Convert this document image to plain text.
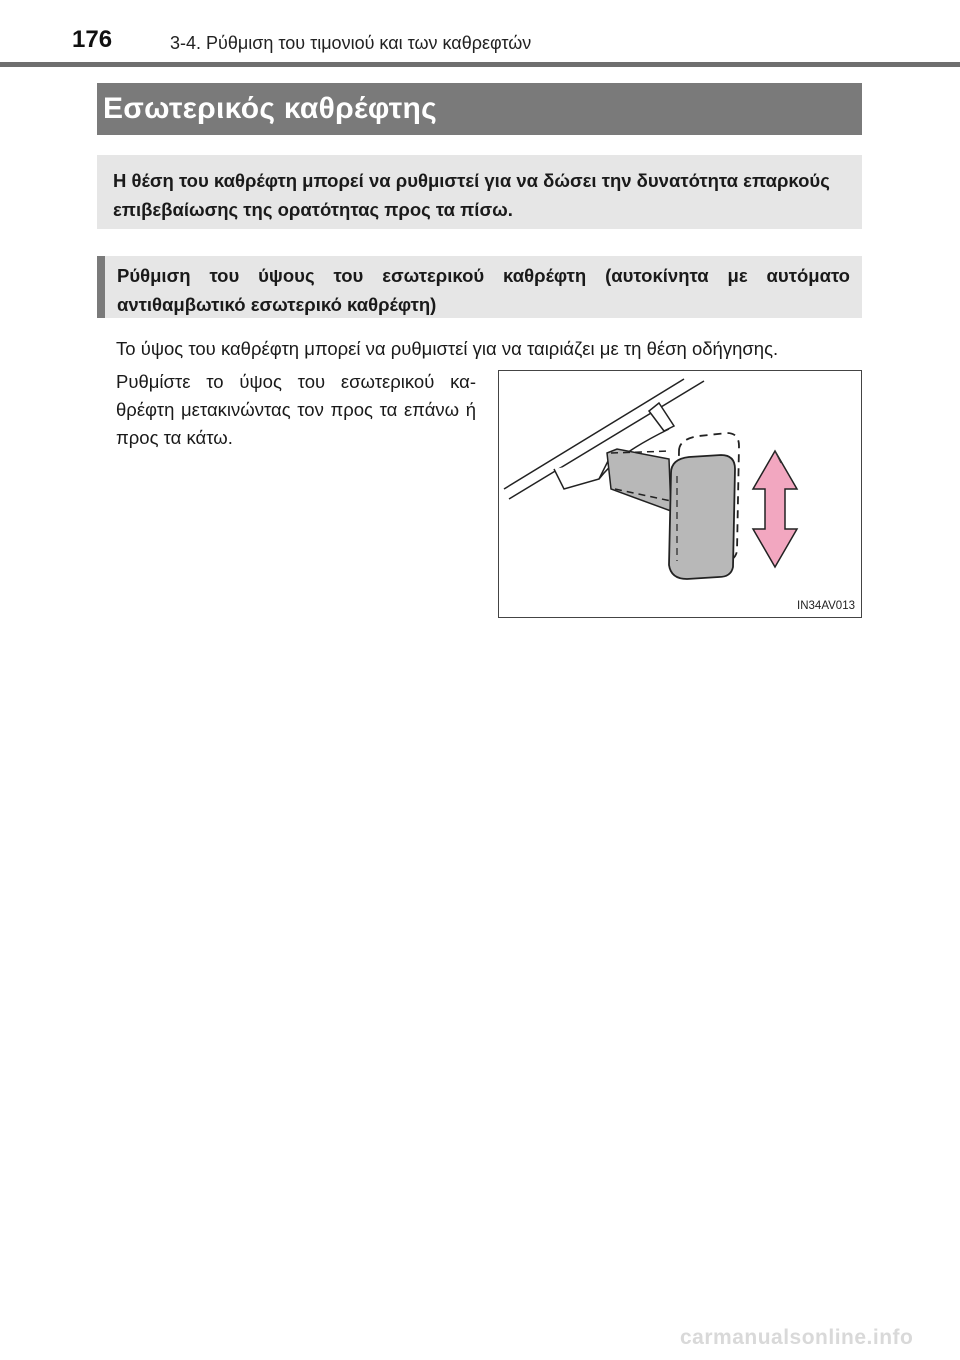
176	3-4. Ρύθμιση του τιμονιού και των καθρεφτών
Εσωτερικός καθρέφτης
Η θέση του καθρέφτη μπορεί να ρυθμιστεί για να δώσει την δυνατότητα επαρκούς επιβεβαίωσης της ορατότητας προς τα πίσω.
Ρύθμιση του ύψους του εσωτερικού καθρέφτη (αυτοκίνητα με αυτόματο αντιθαμβωτικό εσωτερικό καθρέφτη)
Το ύψος του καθρέφτη μπορεί να ρυθμιστεί για να ταιριάζει με τη θέση οδήγησης.
Ρυθμίστε το ύψος του εσωτερικού κα-θρέφτη μετακινώντας τον προς τα επάνω ή προς τα κάτω.
IN34AV013
carmanualsonline.info
